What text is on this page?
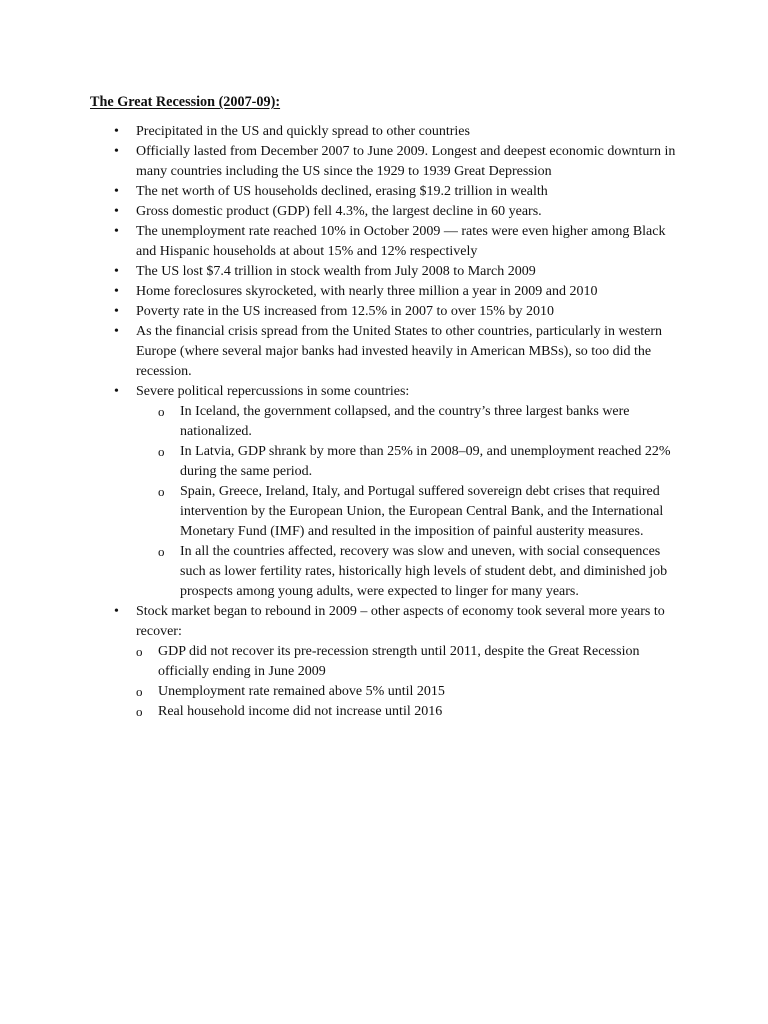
The Great Recession (2007-09):
• Precipitated in the US and quickly spread to other countries
• Officially lasted from December 2007 to June 2009. Longest and deepest economic downturn in many countries including the US since the 1929 to 1939 Great Depression
• The net worth of US households declined, erasing $19.2 trillion in wealth
• Gross domestic product (GDP) fell 4.3%, the largest decline in 60 years.
• The unemployment rate reached 10% in October 2009 — rates were even higher among Black and Hispanic households at about 15% and 12% respectively
• The US lost $7.4 trillion in stock wealth from July 2008 to March 2009
• Home foreclosures skyrocketed, with nearly three million a year in 2009 and 2010
• Poverty rate in the US increased from 12.5% in 2007 to over 15% by 2010
• As the financial crisis spread from the United States to other countries, particularly in western Europe (where several major banks had invested heavily in American MBSs), so too did the recession.
• Severe political repercussions in some countries:
o In Iceland, the government collapsed, and the country’s three largest banks were nationalized.
o In Latvia, GDP shrank by more than 25% in 2008–09, and unemployment reached 22% during the same period.
o Spain, Greece, Ireland, Italy, and Portugal suffered sovereign debt crises that required intervention by the European Union, the European Central Bank, and the International Monetary Fund (IMF) and resulted in the imposition of painful austerity measures.
o In all the countries affected, recovery was slow and uneven, with social consequences such as lower fertility rates, historically high levels of student debt, and diminished job prospects among young adults, were expected to linger for many years.
• Stock market began to rebound in 2009 – other aspects of economy took several more years to recover:
o GDP did not recover its pre-recession strength until 2011, despite the Great Recession officially ending in June 2009
o Unemployment rate remained above 5% until 2015
o Real household income did not increase until 2016
